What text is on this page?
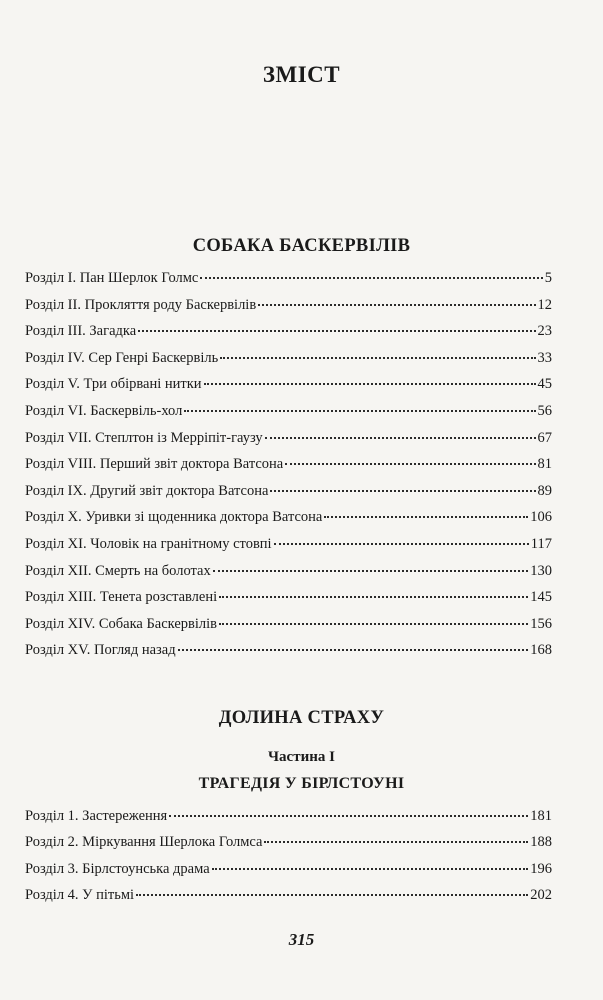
ЗМІСТ
СОБАКА БАСКЕРВІЛІВ
Розділ I. Пан Шерлок Голмс	5
Розділ II. Прокляття роду Баскервілів	12
Розділ III. Загадка	23
Розділ IV. Сер Генрі Баскервіль	33
Розділ V. Три обірвані нитки	45
Розділ VI. Баскервіль-хол	56
Розділ VII. Степлтон із Мерріпіт-гаузу	67
Розділ VIII. Перший звіт доктора Ватсона	81
Розділ IX. Другий звіт доктора Ватсона	89
Розділ X. Уривки зі щоденника доктора Ватсона	106
Розділ XI. Чоловік на гранітному стовпі	117
Розділ XII. Смерть на болотах	130
Розділ XIII. Тенета розставлені	145
Розділ XIV. Собака Баскервілів	156
Розділ XV. Погляд назад	168
ДОЛИНА СТРАХУ
Частина I
ТРАГЕДІЯ У БІРЛСТОУНІ
Розділ 1. Застереження	181
Розділ 2. Міркування Шерлока Голмса	188
Розділ 3. Бірлстоунська драма	196
Розділ 4. У пітьмі	202
315
